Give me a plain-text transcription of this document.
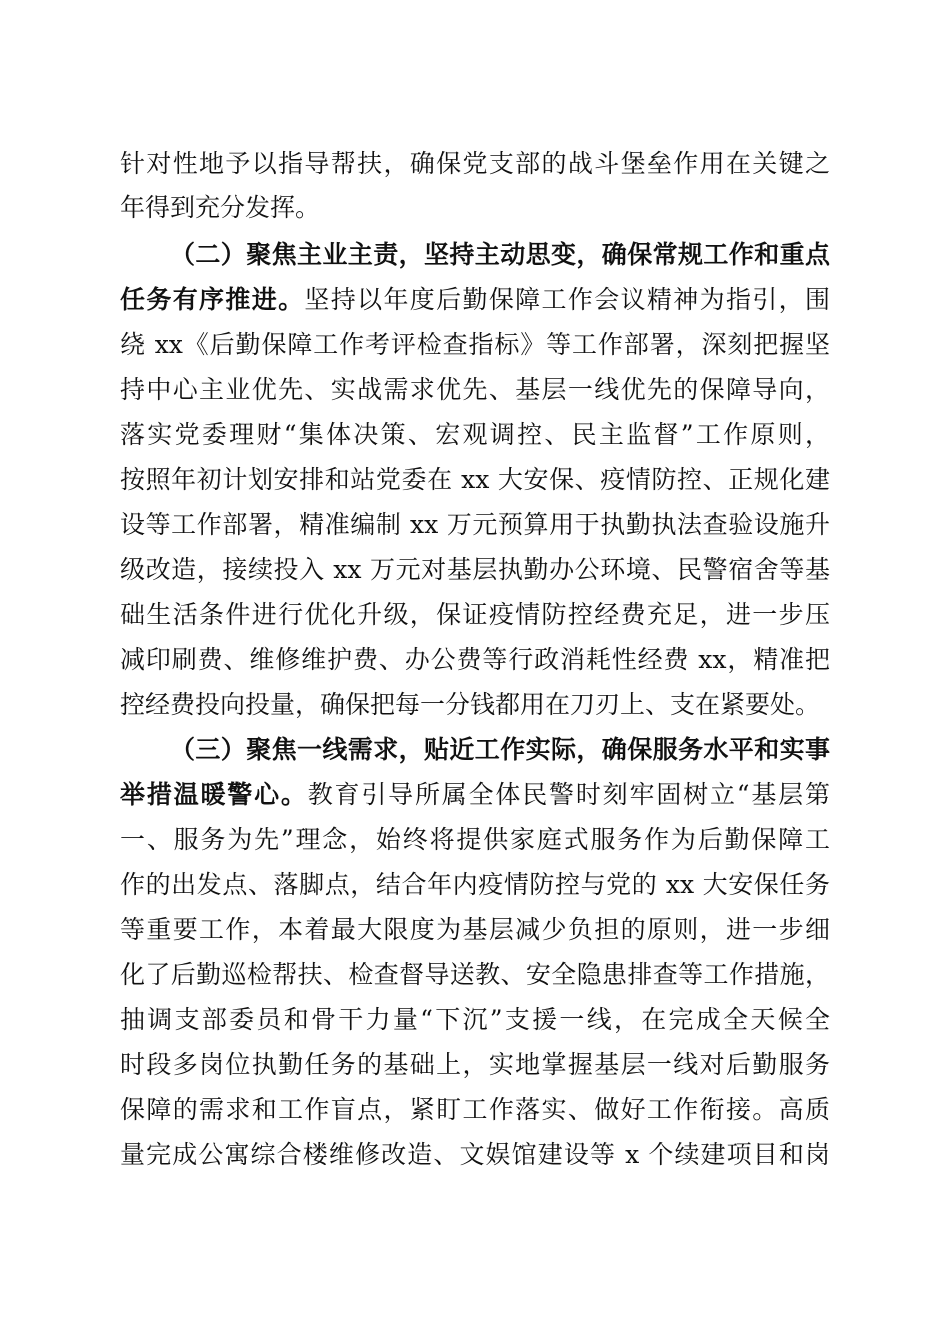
针对性地予以指导帮扶，确保党支部的战斗堡垒作用在关键之
年得到充分发挥。
（二）聚焦主业主责，坚持主动思变，确保常规工作和重点
任务有序推进。坚持以年度后勤保障工作会议精神为指引，围
绕 xx《后勤保障工作考评检查指标》等工作部署，深刻把握坚
持中心主业优先、实战需求优先、基层一线优先的保障导向，
落实党委理财“集体决策、宏观调控、民主监督”工作原则，
按照年初计划安排和站党委在 xx 大安保、疫情防控、正规化建
设等工作部署，精准编制 xx 万元预算用于执勤执法查验设施升
级改造，接续投入 xx 万元对基层执勤办公环境、民警宿舍等基
础生活条件进行优化升级，保证疫情防控经费充足，进一步压
减印刷费、维修维护费、办公费等行政消耗性经费 xx，精准把
控经费投向投量，确保把每一分钱都用在刀刃上、支在紧要处。
（三）聚焦一线需求，贴近工作实际，确保服务水平和实事
举措温暖警心。教育引导所属全体民警时刻牢固树立“基层第
一、服务为先”理念，始终将提供家庭式服务作为后勤保障工
作的出发点、落脚点，结合年内疫情防控与党的 xx 大安保任务
等重要工作，本着最大限度为基层减少负担的原则，进一步细
化了后勤巡检帮扶、检查督导送教、安全隐患排查等工作措施，
抽调支部委员和骨干力量“下沉”支援一线，在完成全天候全
时段多岗位执勤任务的基础上，实地掌握基层一线对后勤服务
保障的需求和工作盲点，紧盯工作落实、做好工作衔接。高质
量完成公寓综合楼维修改造、文娱馆建设等 x 个续建项目和岗
